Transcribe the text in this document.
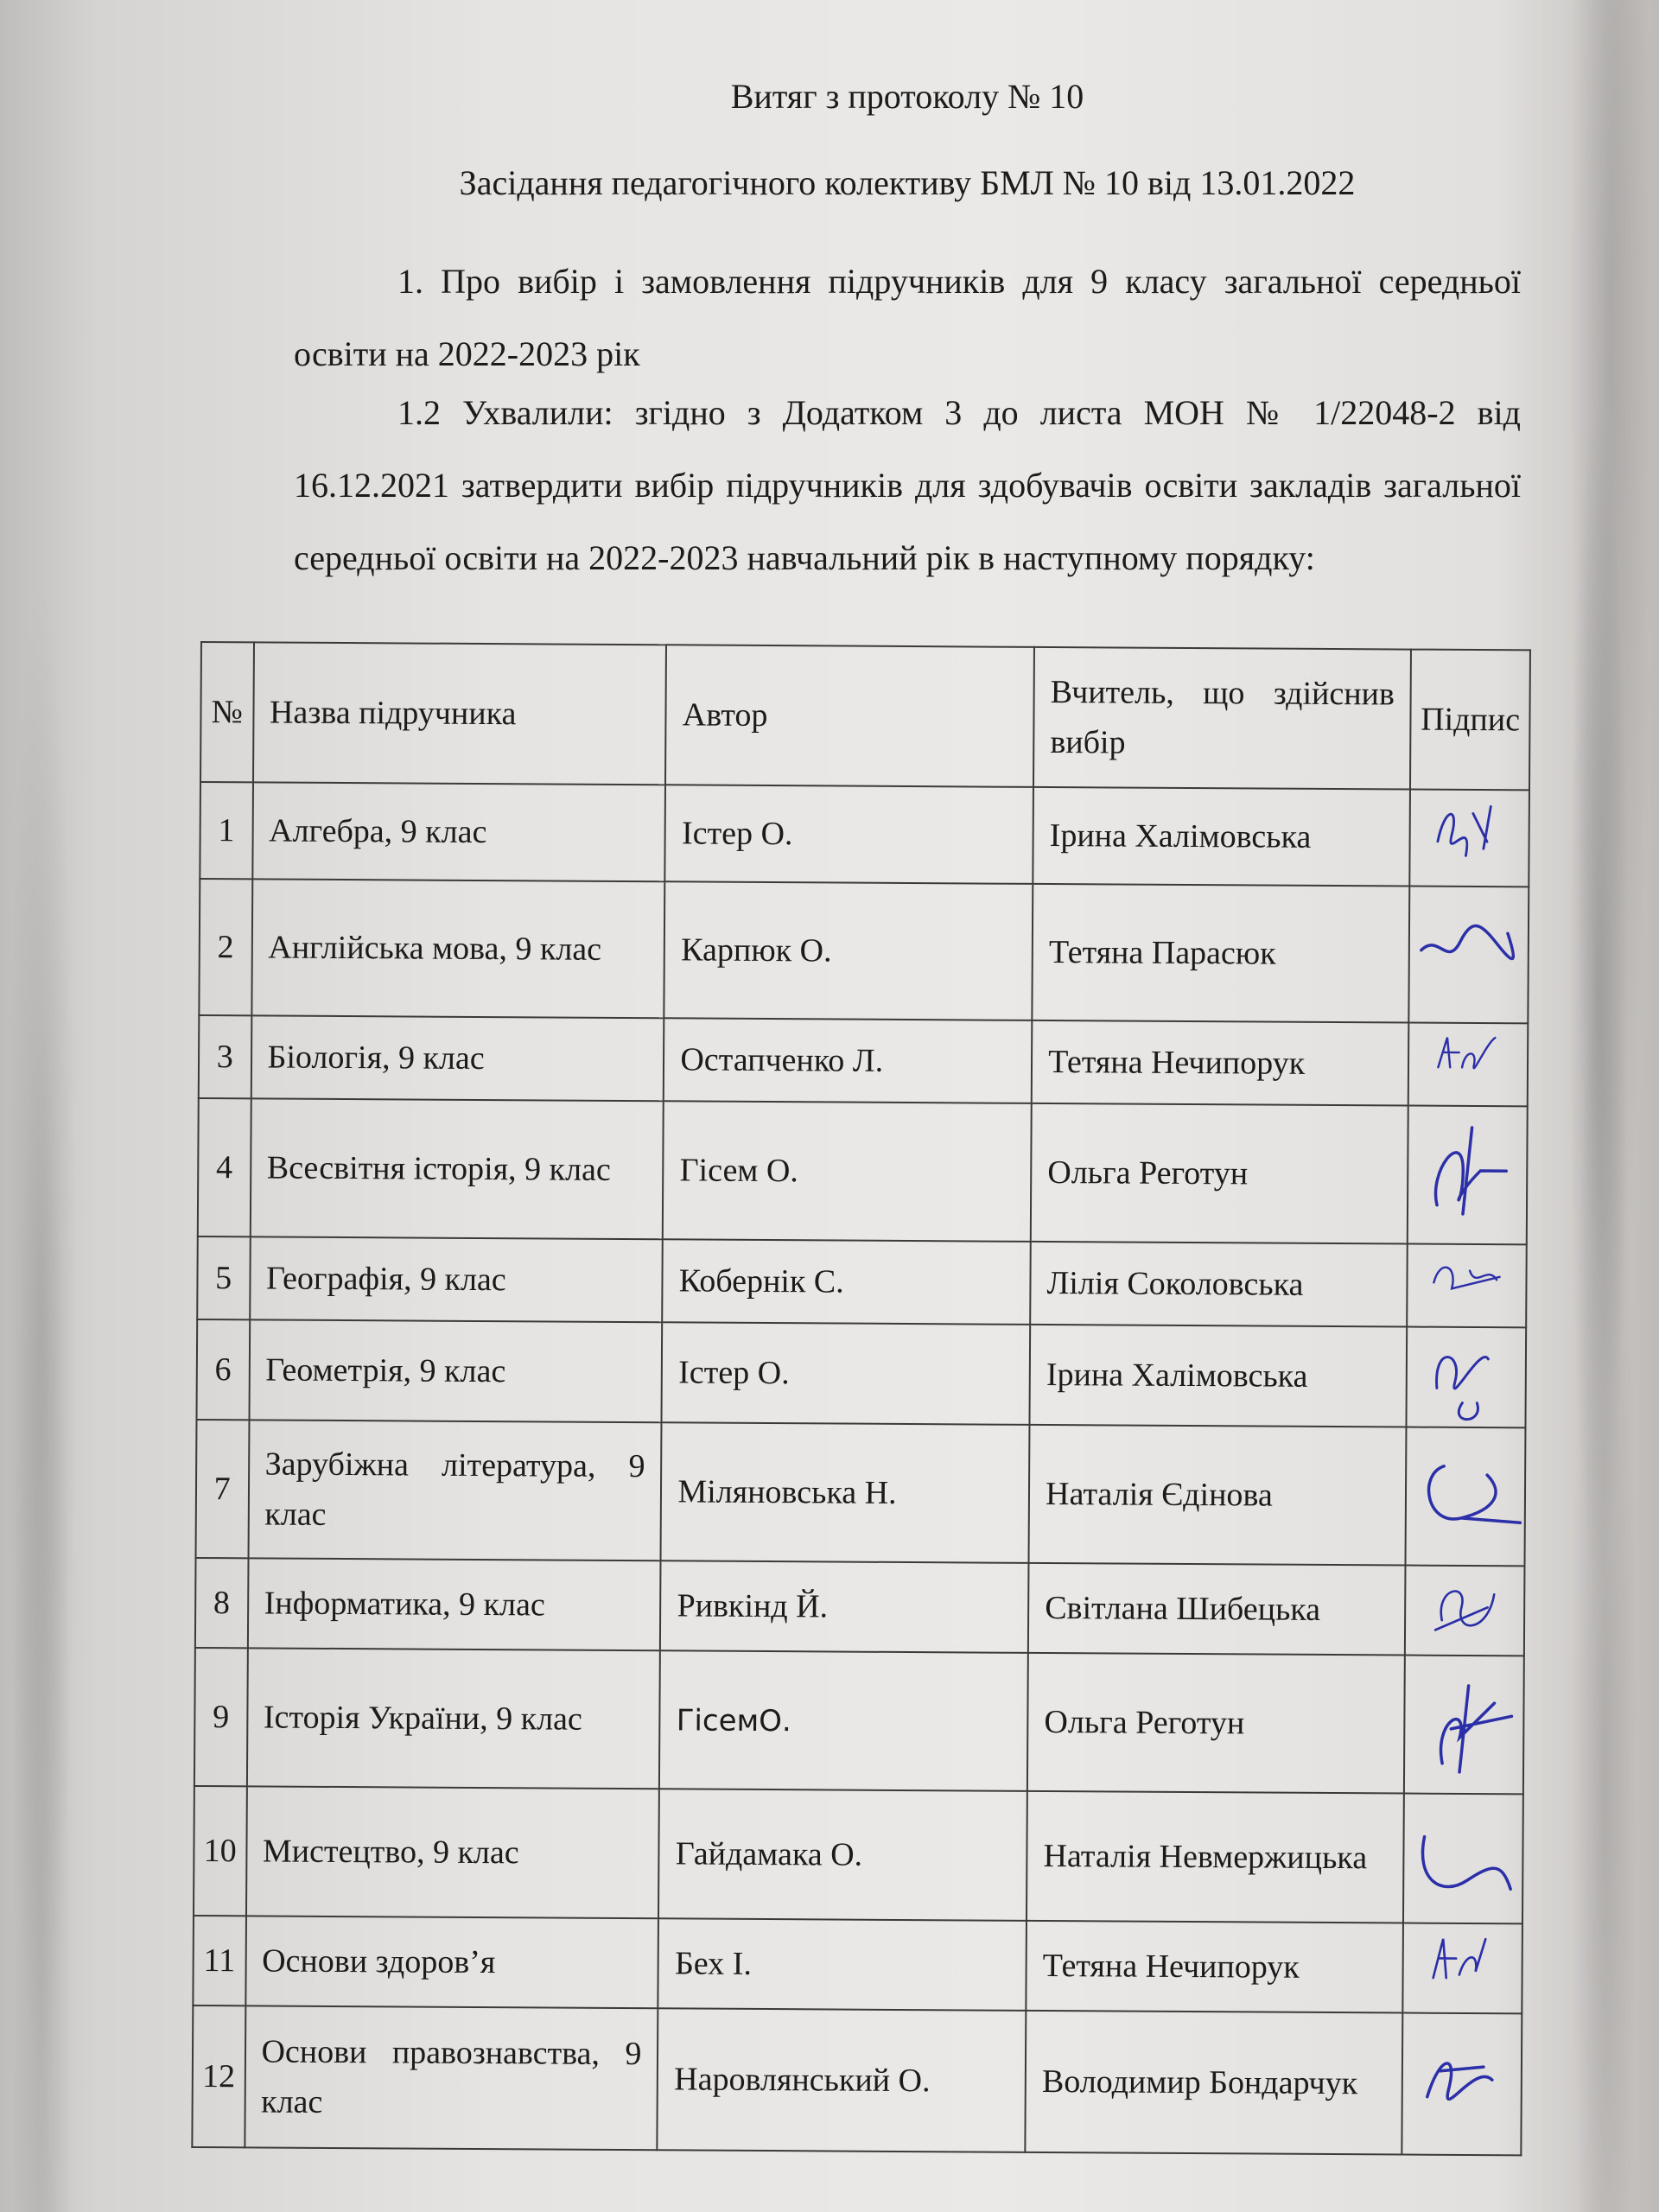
Витяг з протоколу № 10
Засідання педагогічного колективу БМЛ № 10 від 13.01.2022
1. Про вибір і замовлення підручників для 9 класу загальної середньої освіти на 2022-2023 рік
1.2 Ухвалили: згідно з Додатком 3 до листа МОН № 1/22048-2 від 16.12.2021 затвердити вибір підручників для здобувачів освіти закладів загальної середньої освіти на 2022-2023 навчальний рік в наступному порядку:
№	Назва підручника	Автор	Вчитель, що здійснив вибір	Підпис
1	Алгебра, 9 клас	Істер О.	Ірина Халімовська	

2	Англійська мова, 9 клас	Карпюк О.	Тетяна Парасюк	

3	Біологія, 9 клас	Остапченко Л.	Тетяна Нечипорук	

4	Всесвітня історія, 9 клас	Гісем О.	Ольга Реготун	

5	Географія, 9 клас	Кобернік С.	Лілія Соколовська	

6	Геометрія, 9 клас	Істер О.	Ірина Халімовська	

7	Зарубіжна література, 9 клас	Міляновська Н.	Наталія Єдінова	

8	Інформатика, 9 клас	Ривкінд Й.	Світлана Шибецька	

9	Історія України, 9 клас	ГісемО.	Ольга Реготун	

10	Мистецтво, 9 клас	Гайдамака О.	Наталія Невмержицька	

11	Основи здоров’я	Бех І.	Тетяна Нечипорук	

12	Основи правознавства, 9 клас	Наровлянський О.	Володимир Бондарчук	
